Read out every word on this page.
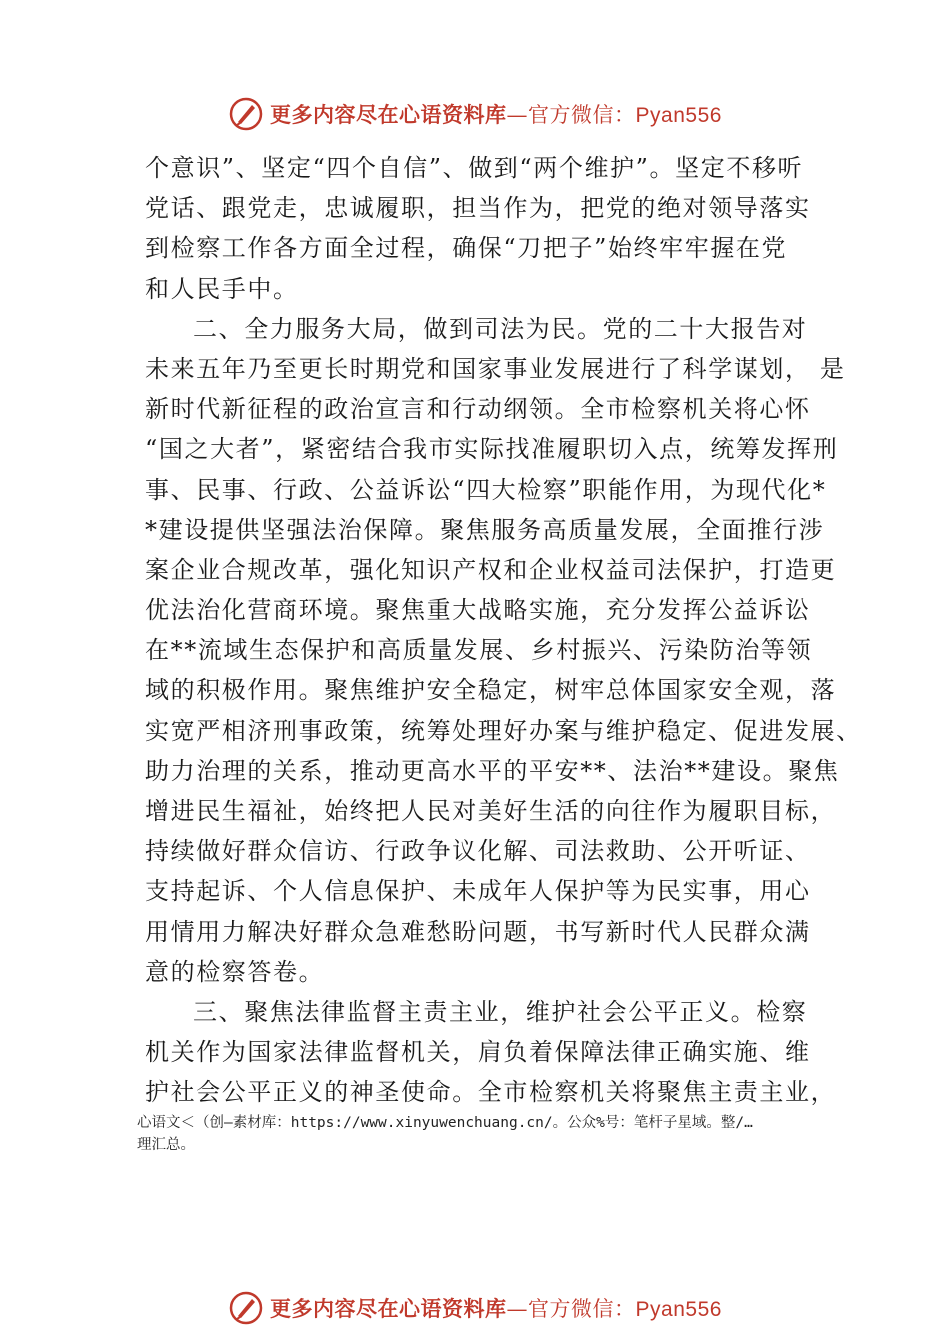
更多内容尽在心语资料库—官方微信：Pyan556
个意识”、坚定“四个自信”、做到“两个维护”。坚定不移听
党话、跟党走，忠诚履职，担当作为，把党的绝对领导落实
到检察工作各方面全过程，确保“刀把子”始终牢牢握在党
和人民手中。
二、全力服务大局，做到司法为民。党的二十大报告对
未来五年乃至更长时期党和国家事业发展进行了科学谋划， 是
新时代新征程的政治宣言和行动纲领。全市检察机关将心怀
“国之大者”，紧密结合我市实际找准履职切入点，统筹发挥刑
事、民事、行政、公益诉讼“四大检察”职能作用，为现代化*
*建设提供坚强法治保障。聚焦服务高质量发展，全面推行涉
案企业合规改革，强化知识产权和企业权益司法保护，打造更
优法治化营商环境。聚焦重大战略实施，充分发挥公益诉讼
在**流域生态保护和高质量发展、乡村振兴、污染防治等领
域的积极作用。聚焦维护安全稳定，树牢总体国家安全观，落
实宽严相济刑事政策，统筹处理好办案与维护稳定、促进发展、
助力治理的关系，推动更高水平的平安**、法治**建设。聚焦
增进民生福祉，始终把人民对美好生活的向往作为履职目标，
持续做好群众信访、行政争议化解、司法救助、公开听证、
支持起诉、个人信息保护、未成年人保护等为民实事，用心
用情用力解决好群众急难愁盼问题，书写新时代人民群众满
意的检察答卷。
三、聚焦法律监督主责主业，维护社会公平正义。检察
机关作为国家法律监督机关，肩负着保障法律正确实施、维
护社会公平正义的神圣使命。全市检察机关将聚焦主责主业，
心语文＜（创—素材库：https://www.xinyuwenchuang.cn/。公众%号：笔杆子星域。整/…
理汇总。
更多内容尽在心语资料库—官方微信：Pyan556
